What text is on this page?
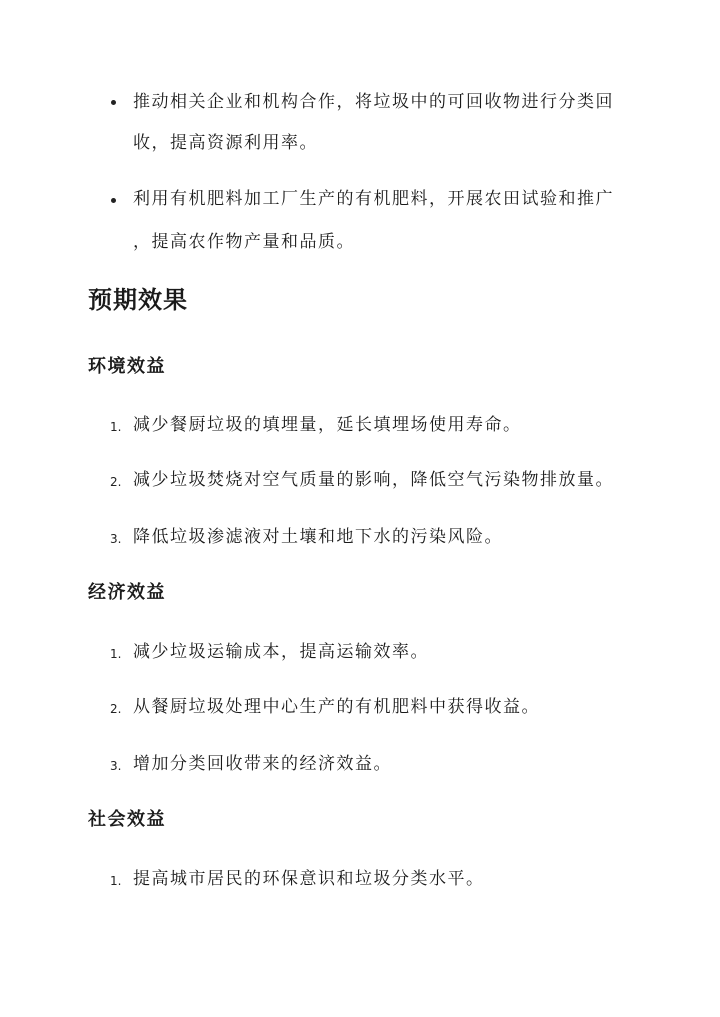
推动相关企业和机构合作，将垃圾中的可回收物进行分类回

收，提高资源利用率。

利用有机肥料加工厂生产的有机肥料，开展农田试验和推广

，提高农作物产量和品质。

预期效果
环境效益
1. 减少餐厨垃圾的填埋量，延长填埋场使用寿命。

2. 减少垃圾焚烧对空气质量的影响，降低空气污染物排放量。

3. 降低垃圾渗滤液对土壤和地下水的污染风险。

经济效益
1. 减少垃圾运输成本，提高运输效率。

2. 从餐厨垃圾处理中心生产的有机肥料中获得收益。

3. 增加分类回收带来的经济效益。

社会效益
1. 提高城市居民的环保意识和垃圾分类水平。
